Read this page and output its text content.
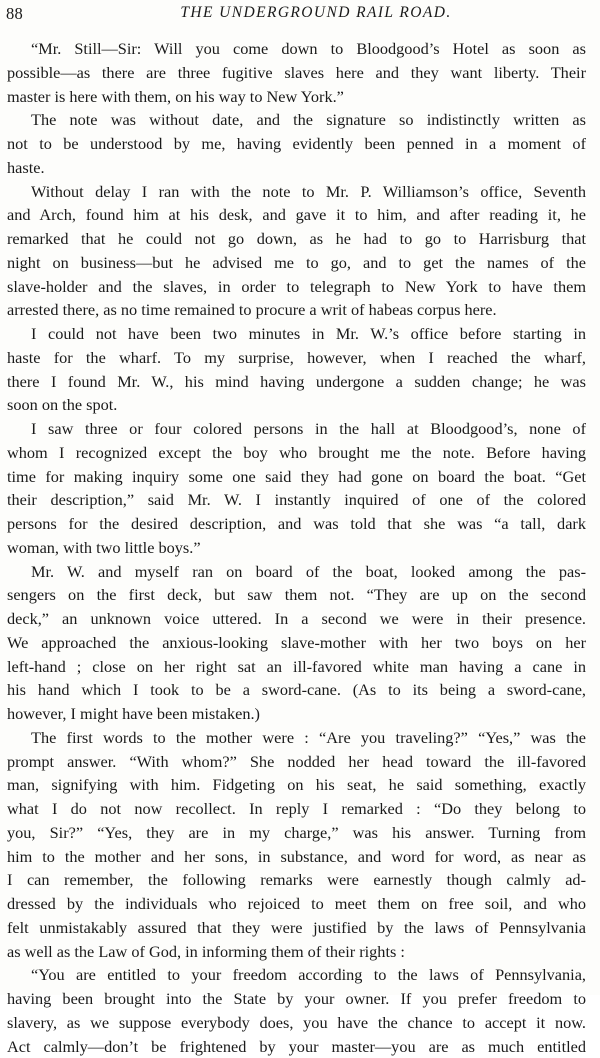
88	THE UNDERGROUND RAIL ROAD.
“Mr. Still—Sir: Will you come down to Bloodgood’s Hotel as soon as
possible—as there are three fugitive slaves here and they want liberty. Their
master is here with them, on his way to New York.”
The note was without date, and the signature so indistinctly written as
not to be understood by me, having evidently been penned in a moment of
haste.
Without delay I ran with the note to Mr. P. Williamson’s office, Seventh
and Arch, found him at his desk, and gave it to him, and after reading it, he
remarked that he could not go down, as he had to go to Harrisburg that
night on business—but he advised me to go, and to get the names of the
slave-holder and the slaves, in order to telegraph to New York to have them
arrested there, as no time remained to procure a writ of habeas corpus here.
I could not have been two minutes in Mr. W.’s office before starting in
haste for the wharf. To my surprise, however, when I reached the wharf,
there I found Mr. W., his mind having undergone a sudden change; he was
soon on the spot.
I saw three or four colored persons in the hall at Bloodgood’s, none of
whom I recognized except the boy who brought me the note. Before having
time for making inquiry some one said they had gone on board the boat. “Get
their description,” said Mr. W. I instantly inquired of one of the colored
persons for the desired description, and was told that she was “a tall, dark
woman, with two little boys.”
Mr. W. and myself ran on board of the boat, looked among the pas-
sengers on the first deck, but saw them not. “They are up on the second
deck,” an unknown voice uttered. In a second we were in their presence.
We approached the anxious-looking slave-mother with her two boys on her
left-hand ; close on her right sat an ill-favored white man having a cane in
his hand which I took to be a sword-cane. (As to its being a sword-cane,
however, I might have been mistaken.)
The first words to the mother were : “Are you traveling?” “Yes,” was the
prompt answer. “With whom?” She nodded her head toward the ill-favored
man, signifying with him. Fidgeting on his seat, he said something, exactly
what I do not now recollect. In reply I remarked : “Do they belong to
you, Sir?” “Yes, they are in my charge,” was his answer. Turning from
him to the mother and her sons, in substance, and word for word, as near as
I can remember, the following remarks were earnestly though calmly ad-
dressed by the individuals who rejoiced to meet them on free soil, and who
felt unmistakably assured that they were justified by the laws of Pennsylvania
as well as the Law of God, in informing them of their rights :
“You are entitled to your freedom according to the laws of Pennsylvania,
having been brought into the State by your owner. If you prefer freedom to
slavery, as we suppose everybody does, you have the chance to accept it now.
Act calmly—don’t be frightened by your master—you are as much entitled
